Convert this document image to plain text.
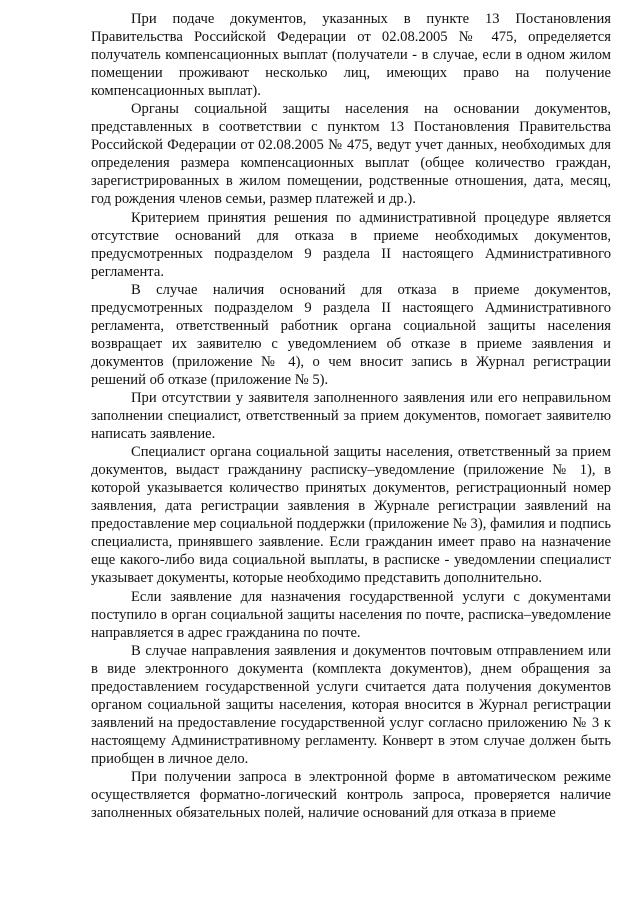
При подаче документов, указанных в пункте 13 Постановления Правительства Российской Федерации от 02.08.2005 № 475, определяется получатель компенсационных выплат (получатели - в случае, если в одном жилом помещении проживают несколько лиц, имеющих право на получение компенсационных выплат).

Органы социальной защиты населения на основании документов, представленных в соответствии с пунктом 13 Постановления Правительства Российской Федерации от 02.08.2005 № 475, ведут учет данных, необходимых для определения размера компенсационных выплат (общее количество граждан, зарегистрированных в жилом помещении, родственные отношения, дата, месяц, год рождения членов семьи, размер платежей и др.).

Критерием принятия решения по административной процедуре является отсутствие оснований для отказа в приеме необходимых документов, предусмотренных подразделом 9 раздела II настоящего Административного регламента.

В случае наличия оснований для отказа в приеме документов, предусмотренных подразделом 9 раздела II настоящего Административного регламента, ответственный работник органа социальной защиты населения возвращает их заявителю с уведомлением об отказе в приеме заявления и документов (приложение № 4), о чем вносит запись в Журнал регистрации решений об отказе (приложение № 5).

При отсутствии у заявителя заполненного заявления или его неправильном заполнении специалист, ответственный за прием документов, помогает заявителю написать заявление.

Специалист органа социальной защиты населения, ответственный за прием документов, выдаст гражданину расписку–уведомление (приложение № 1), в которой указывается количество принятых документов, регистрационный номер заявления, дата регистрации заявления в Журнале регистрации заявлений на предоставление мер социальной поддержки (приложение № 3), фамилия и подпись специалиста, принявшего заявление. Если гражданин имеет право на назначение еще какого-либо вида социальной выплаты, в расписке - уведомлении специалист указывает документы, которые необходимо представить дополнительно.

Если заявление для назначения государственной услуги с документами поступило в орган социальной защиты населения по почте, расписка–уведомление направляется в адрес гражданина по почте.

В случае направления заявления и документов почтовым отправлением или в виде электронного документа (комплекта документов), днем обращения за предоставлением государственной услуги считается дата получения документов органом социальной защиты населения, которая вносится в Журнал регистрации заявлений на предоставление государственной услуг согласно приложению № 3 к настоящему Административному регламенту. Конверт в этом случае должен быть приобщен в личное дело.

При получении запроса в электронной форме в автоматическом режиме осуществляется форматно-логический контроль запроса, проверяется наличие заполненных обязательных полей, наличие оснований для отказа в приеме
